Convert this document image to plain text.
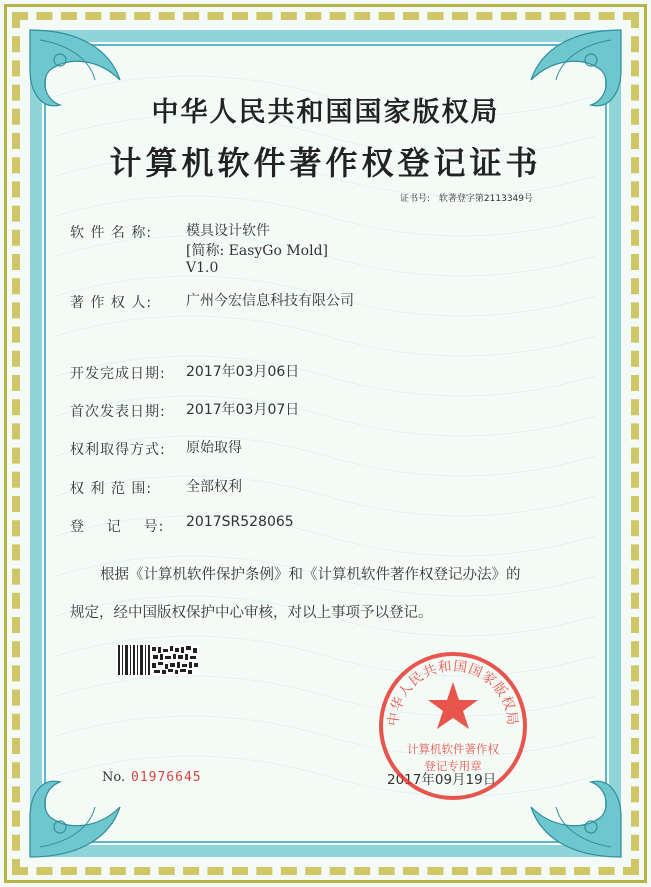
中华人民共和国国家版权局
计算机软件著作权登记证书
证书号: 软著登字第2113349号
软 件 名 称: 模具设计软件
[简称: EasyGo Mold]
V1.0
著 作 权 人: 广州今宏信息科技有限公司
开发完成日期: 2017年03月06日
首次发表日期: 2017年03月07日
权利取得方式: 原始取得
权 利 范 围: 全部权利
登    记    号: 2017SR528065
根据《计算机软件保护条例》和《计算机软件著作权登记办法》的
规定，经中国版权保护中心审核，对以上事项予以登记。
No. 01976645	2017年09月19日
中华人民共和国国家版权局
计算机软件著作权
登记专用章
